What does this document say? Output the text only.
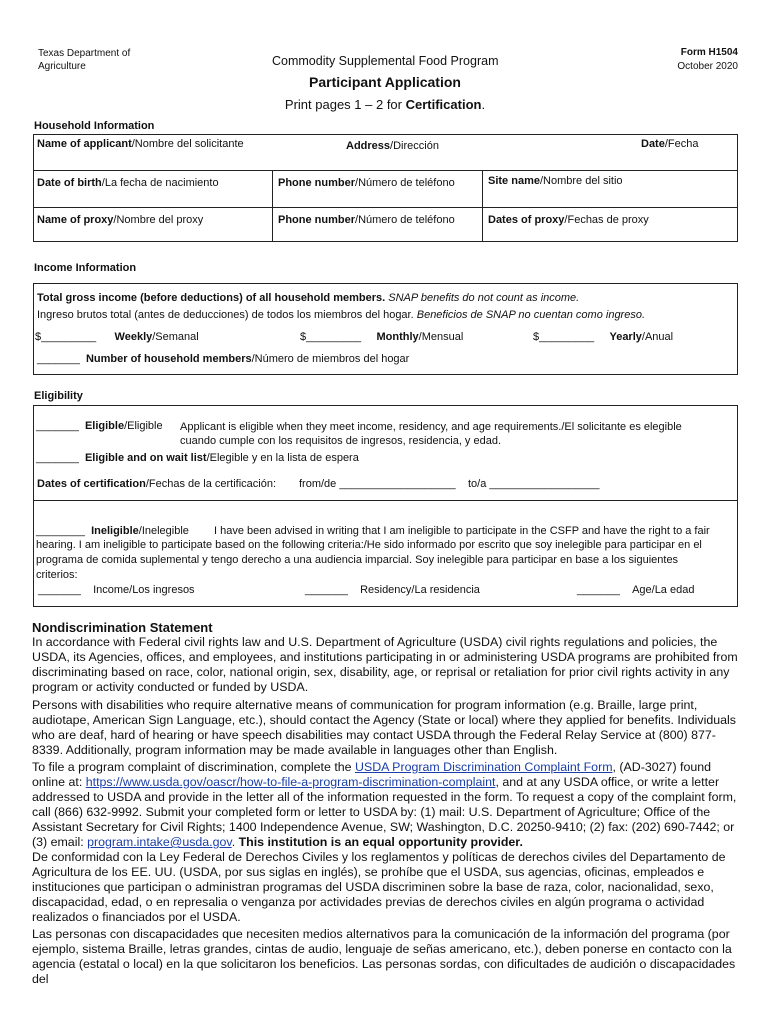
Texas Department of Agriculture	Commodity Supplemental Food Program
Form H1504
October 2020
Participant Application
Print pages 1 – 2 for Certification.
Household Information
Name of applicant/Nombre del solicitante	Address/Dirección	Date/Fecha
Date of birth/La fecha de nacimiento	Phone number/Número de teléfono	Site name/Nombre del sitio
Name of proxy/Nombre del proxy	Phone number/Número de teléfono	Dates of proxy/Fechas de proxy
Income Information
Total gross income (before deductions) of all household members. SNAP benefits do not count as income.
Ingreso brutos total (antes de deducciones) de todos los miembros del hogar. Beneficios de SNAP no cuentan como ingreso.
$_________ Weekly/Semanal	$_________ Monthly/Mensual	$_________ Yearly/Anual
_______ Number of household members/Número de miembros del hogar
Eligibility
_______ Eligible/Eligible Applicant is eligible when they meet income, residency, and age requirements./El solicitante es elegible
cuando cumple con los requisitos de ingresos, residencia, y edad.
_______ Eligible and on wait list/Elegible y en la lista de espera
Dates of certification/Fechas de la certificación: from/de ___________________ to/a __________________
________ Ineligible/Inelegible I have been advised in writing that I am ineligible to participate in the CSFP and have the right to a fair
hearing. I am ineligible to participate based on the following criteria:/He sido informado por escrito que soy inelegible para participar en el
programa de comida suplemental y tengo derecho a una audiencia imparcial. Soy inelegible para participar en base a los siguientes
criterios:
_______ Income/Los ingresos	_______ Residency/La residencia	_______ Age/La edad
Nondiscrimination Statement
In accordance with Federal civil rights law and U.S. Department of Agriculture (USDA) civil rights regulations and policies, the USDA, its Agencies, offices, and employees, and institutions participating in or administering USDA programs are prohibited from discriminating based on race, color, national origin, sex, disability, age, or reprisal or retaliation for prior civil rights activity in any program or activity conducted or funded by USDA.
Persons with disabilities who require alternative means of communication for program information (e.g. Braille, large print, audiotape, American Sign Language, etc.), should contact the Agency (State or local) where they applied for benefits. Individuals who are deaf, hard of hearing or have speech disabilities may contact USDA through the Federal Relay Service at (800) 877-8339. Additionally, program information may be made available in languages other than English.
To file a program complaint of discrimination, complete the USDA Program Discrimination Complaint Form, (AD-3027) found online at: https://www.usda.gov/oascr/how-to-file-a-program-discrimination-complaint, and at any USDA office, or write a letter addressed to USDA and provide in the letter all of the information requested in the form. To request a copy of the complaint form, call (866) 632-9992. Submit your completed form or letter to USDA by: (1) mail: U.S. Department of Agriculture; Office of the Assistant Secretary for Civil Rights; 1400 Independence Avenue, SW; Washington, D.C. 20250-9410; (2) fax: (202) 690-7442; or (3) email: program.intake@usda.gov. This institution is an equal opportunity provider.
De conformidad con la Ley Federal de Derechos Civiles y los reglamentos y políticas de derechos civiles del Departamento de Agricultura de los EE. UU. (USDA, por sus siglas en inglés), se prohíbe que el USDA, sus agencias, oficinas, empleados e instituciones que participan o administran programas del USDA discriminen sobre la base de raza, color, nacionalidad, sexo, discapacidad, edad, o en represalia o venganza por actividades previas de derechos civiles en algún programa o actividad realizados o financiados por el USDA.
Las personas con discapacidades que necesiten medios alternativos para la comunicación de la información del programa (por ejemplo, sistema Braille, letras grandes, cintas de audio, lenguaje de señas americano, etc.), deben ponerse en contacto con la agencia (estatal o local) en la que solicitaron los beneficios. Las personas sordas, con dificultades de audición o discapacidades del
